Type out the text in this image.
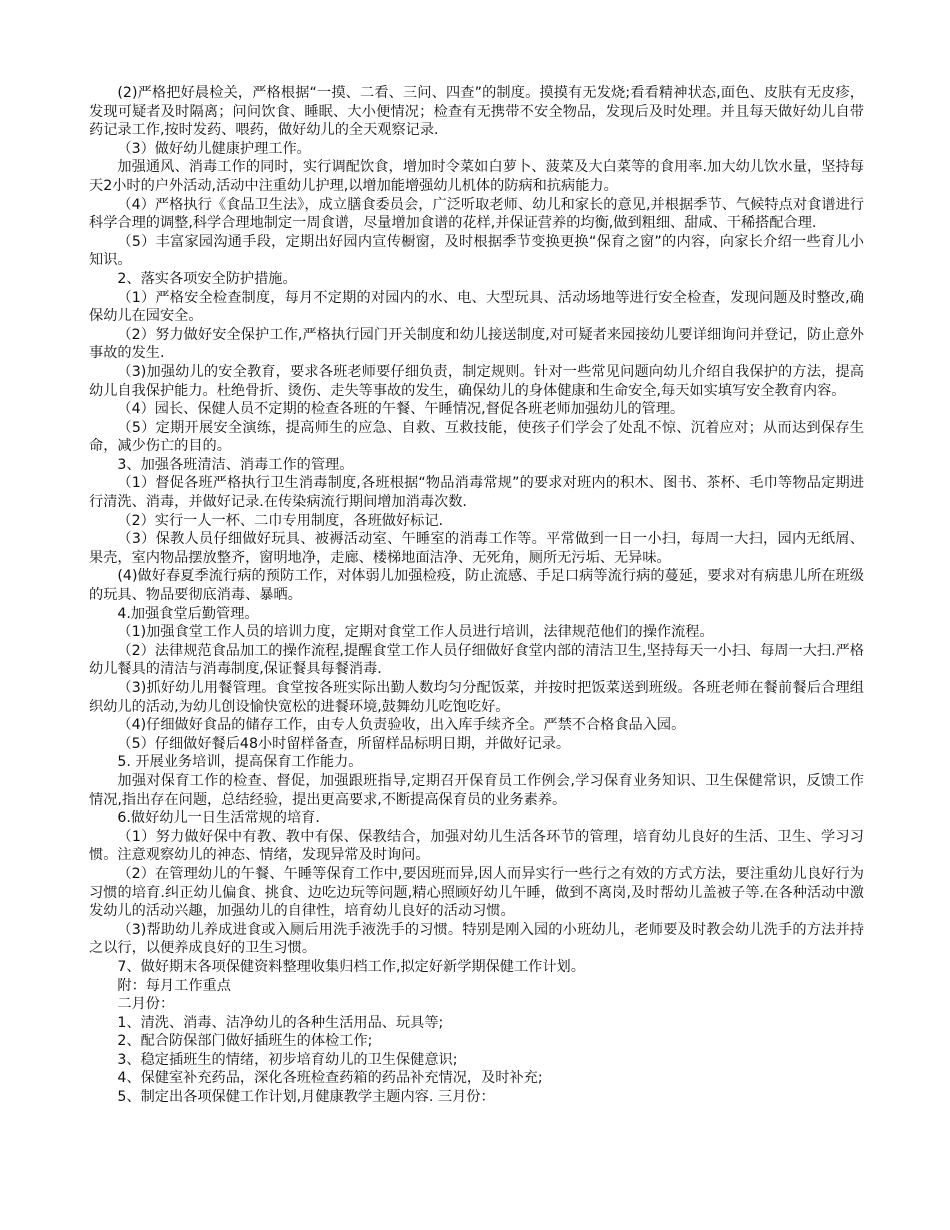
(2)严格把好晨检关，严格根据“一摸、二看、三问、四查”的制度。摸摸有无发烧;看看精神状态,面色、皮肤有无皮疹， 发现可疑者及时隔离；问问饮食、睡眠、大小便情况；检查有无携带不安全物品，发现后及时处理。并且每天做好幼儿自带药记录工作,按时发药、喂药，做好幼儿的全天观察记录.

（3）做好幼儿健康护理工作。

加强通风、消毒工作的同时，实行调配饮食，增加时令菜如白萝卜、菠菜及大白菜等的食用率.加大幼儿饮水量，坚持每天2小时的户外活动,活动中注重幼儿护理,以增加能增强幼儿机体的防病和抗病能力。

（4）严格执行《食品卫生法》，成立膳食委员会，广泛听取老师、幼儿和家长的意见,并根据季节、气候特点对食谱进行科学合理的调整,科学合理地制定一周食谱，尽量增加食谱的花样,并保证营养的均衡,做到粗细、甜咸、干稀搭配合理.

（5）丰富家园沟通手段，定期出好园内宣传橱窗，及时根据季节变换更换“保育之窗”的内容，向家长介绍一些育儿小知识。

2、落实各项安全防护措施。

（1）严格安全检查制度，每月不定期的对园内的水、电、大型玩具、活动场地等进行安全检查，发现问题及时整改,确保幼儿在园安全。

（2）努力做好安全保护工作,严格执行园门开关制度和幼儿接送制度,对可疑者来园接幼儿要详细询问并登记，防止意外事故的发生.

（3)加强幼儿的安全教育，要求各班老师要仔细负责，制定规则。针对一些常见问题向幼儿介绍自我保护的方法，提高幼儿自我保护能力。杜绝骨折、烫伤、走失等事故的发生，确保幼儿的身体健康和生命安全,每天如实填写安全教育内容。

（4）园长、保健人员不定期的检查各班的午餐、午睡情况,督促各班老师加强幼儿的管理。

（5）定期开展安全演练，提高师生的应急、自救、互救技能，使孩子们学会了处乱不惊、沉着应对；从而达到保存生命，减少伤亡的目的。

3、加强各班清洁、消毒工作的管理。

（1）督促各班严格执行卫生消毒制度,各班根据“物品消毒常规”的要求对班内的积木、图书、茶杯、毛巾等物品定期进行清洗、消毒，并做好记录.在传染病流行期间增加消毒次数.

（2）实行一人一杯、二巾专用制度，各班做好标记.

（3）保教人员仔细做好玩具、被褥活动室、午睡室的消毒工作等。平常做到一日一小扫，每周一大扫，园内无纸屑、果壳，室内物品摆放整齐，窗明地净，走廊、楼梯地面洁净、无死角，厕所无污垢、无异味。

(4)做好春夏季流行病的预防工作，对体弱儿加强检疫，防止流感、手足口病等流行病的蔓延，要求对有病患儿所在班级的玩具、物品要彻底消毒、暴晒。

4.加强食堂后勤管理。

（1)加强食堂工作人员的培训力度，定期对食堂工作人员进行培训，法律规范他们的操作流程。

（2）法律规范食品加工的操作流程,提醒食堂工作人员仔细做好食堂内部的清洁卫生,坚持每天一小扫、每周一大扫.严格幼儿餐具的清洁与消毒制度,保证餐具每餐消毒.

（3)抓好幼儿用餐管理。食堂按各班实际出勤人数均匀分配饭菜，并按时把饭菜送到班级。各班老师在餐前餐后合理组织幼儿的活动,为幼儿创设愉快宽松的进餐环境,鼓舞幼儿吃饱吃好。

（4)仔细做好食品的储存工作，由专人负责验收，出入库手续齐全。严禁不合格食品入园。

（5）仔细做好餐后48小时留样备查，所留样品标明日期，并做好记录。

5. 开展业务培训，提高保育工作能力。

加强对保育工作的检查、督促，加强跟班指导,定期召开保育员工作例会,学习保育业务知识、卫生保健常识，反馈工作情况,指出存在问题，总结经验，提出更高要求,不断提高保育员的业务素养。

6.做好幼儿一日生活常规的培育.

（1）努力做好保中有教、教中有保、保教结合，加强对幼儿生活各环节的管理，培育幼儿良好的生活、卫生、学习习惯。注意观察幼儿的神态、情绪，发现异常及时询问。

（2）在管理幼儿的午餐、午睡等保育工作中,要因班而异,因人而异实行一些行之有效的方式方法，要注重幼儿良好行为习惯的培育.纠正幼儿偏食、挑食、边吃边玩等问题,精心照顾好幼儿午睡，做到不离岗,及时帮幼儿盖被子等.在各种活动中激发幼儿的活动兴趣，加强幼儿的自律性，培育幼儿良好的活动习惯。

（3)帮助幼儿养成进食或入厕后用洗手液洗手的习惯。特别是刚入园的小班幼儿，老师要及时教会幼儿洗手的方法并持之以行，以便养成良好的卫生习惯。

7、做好期末各项保健资料整理收集归档工作,拟定好新学期保健工作计划。

附：每月工作重点

二月份：

1、清洗、消毒、洁净幼儿的各种生活用品、玩具等;

2、配合防保部门做好插班生的体检工作;

3、稳定插班生的情绪，初步培育幼儿的卫生保健意识;

4、保健室补充药品，深化各班检查药箱的药品补充情况，及时补充;

5、制定出各项保健工作计划,月健康教学主题内容. 三月份：
